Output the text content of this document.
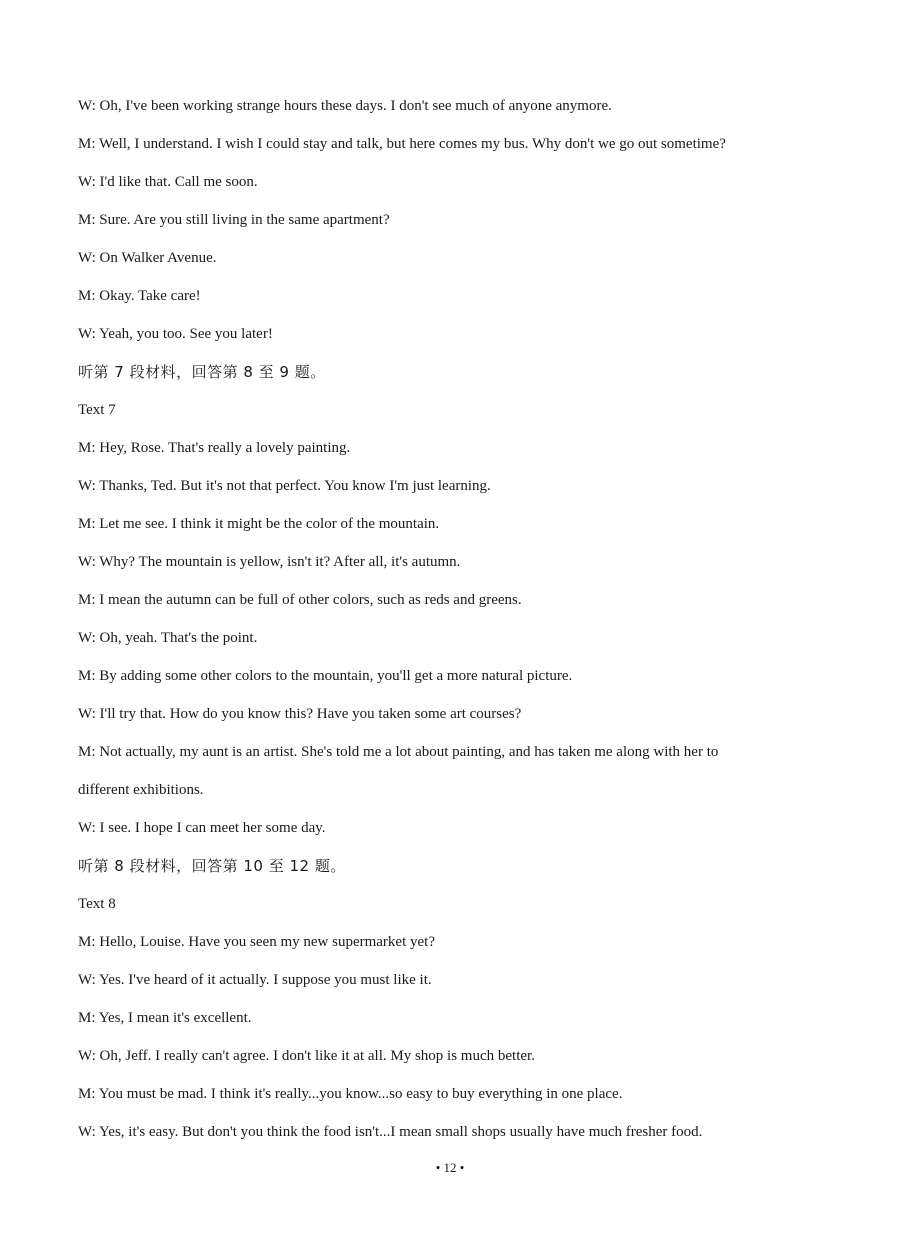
W: Oh, I've been working strange hours these days. I don't see much of anyone anymore.
M: Well, I understand. I wish I could stay and talk, but here comes my bus. Why don't we go out sometime?
W: I'd like that. Call me soon.
M: Sure. Are you still living in the same apartment?
W: On Walker Avenue.
M: Okay. Take care!
W: Yeah, you too. See you later!
听第 7 段材料，回答第 8 至 9 题。
Text 7
M: Hey, Rose. That's really a lovely painting.
W: Thanks, Ted. But it's not that perfect. You know I'm just learning.
M: Let me see. I think it might be the color of the mountain.
W: Why? The mountain is yellow, isn't it? After all, it's autumn.
M: I mean the autumn can be full of other colors, such as reds and greens.
W: Oh, yeah. That's the point.
M: By adding some other colors to the mountain, you'll get a more natural picture.
W: I'll try that. How do you know this? Have you taken some art courses?
M: Not actually, my aunt is an artist. She's told me a lot about painting, and has taken me along with her to
different exhibitions.
W: I see. I hope I can meet her some day.
听第 8 段材料，回答第 10 至 12 题。
Text 8
M: Hello, Louise. Have you seen my new supermarket yet?
W: Yes. I've heard of it actually. I suppose you must like it.
M: Yes, I mean it's excellent.
W: Oh, Jeff. I really can't agree. I don't like it at all. My shop is much better.
M: You must be mad. I think it's really...you know...so easy to buy everything in one place.
W: Yes, it's easy. But don't you think the food isn't...I mean small shops usually have much fresher food.
• 12 •
